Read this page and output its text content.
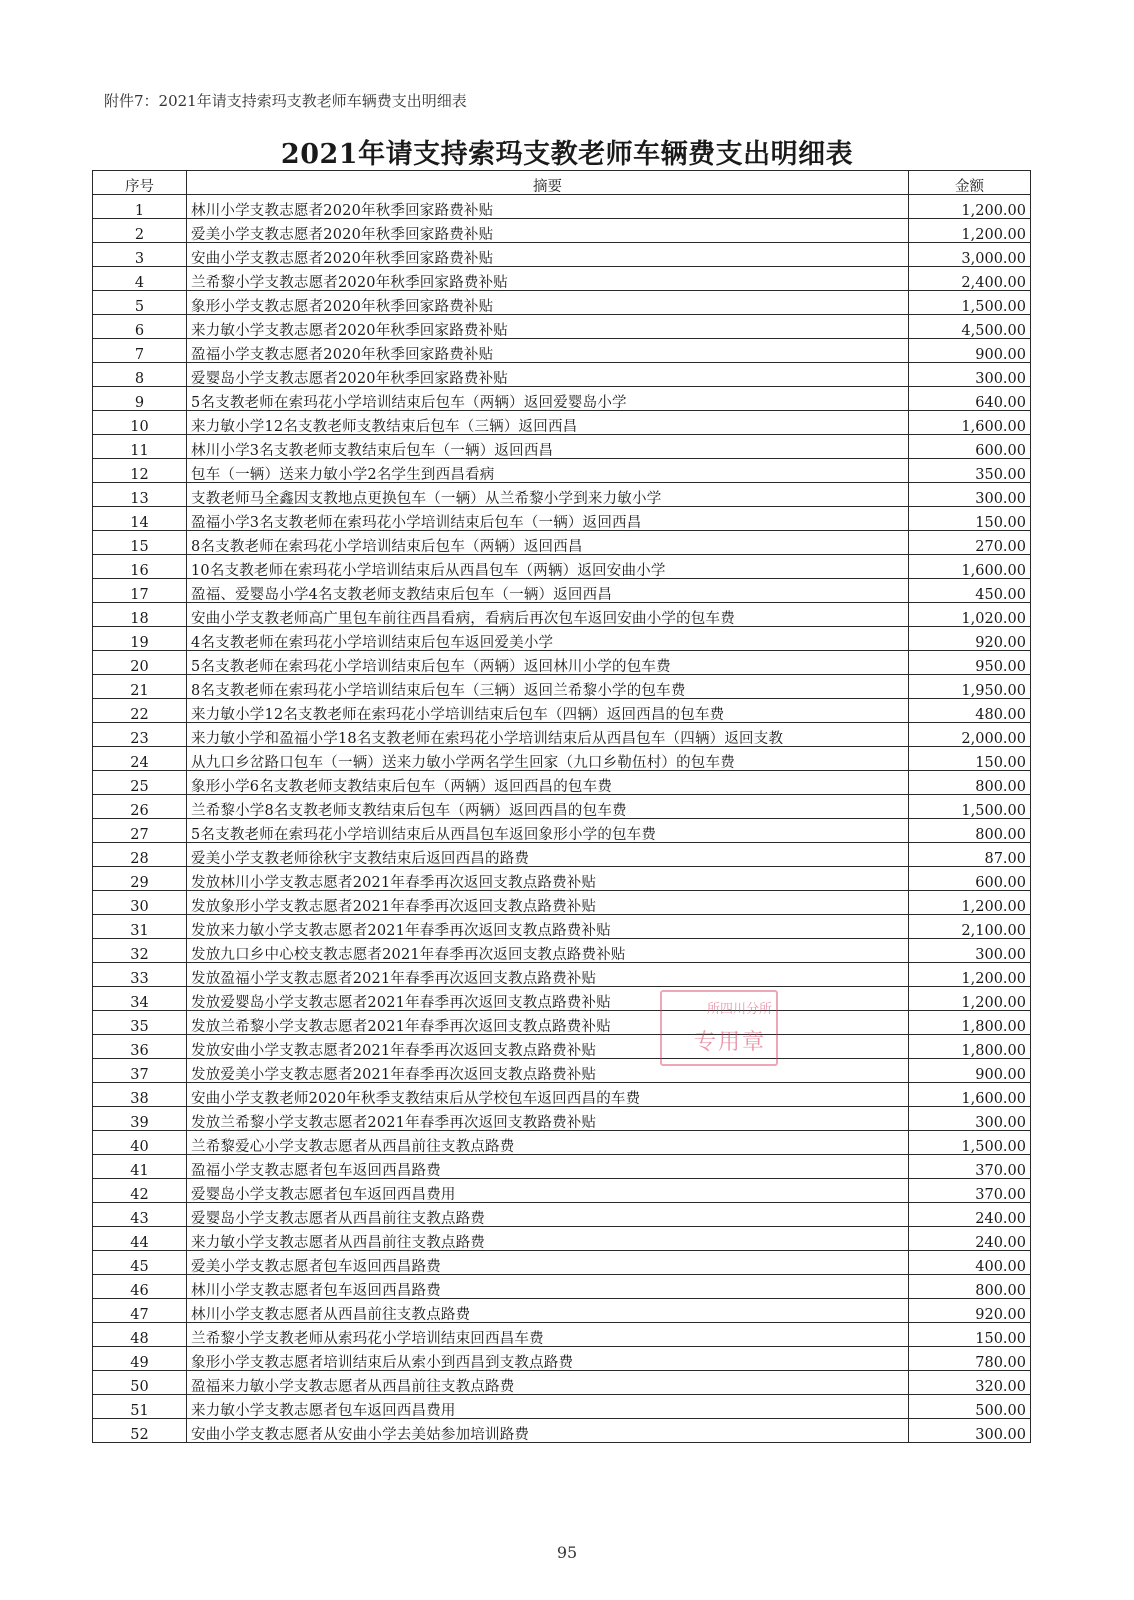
附件7：2021年请支持索玛支教老师车辆费支出明细表
2021年请支持索玛支教老师车辆费支出明细表
序号	摘要	金额
1	林川小学支教志愿者2020年秋季回家路费补贴	1,200.00
2	爱美小学支教志愿者2020年秋季回家路费补贴	1,200.00
3	安曲小学支教志愿者2020年秋季回家路费补贴	3,000.00
4	兰希黎小学支教志愿者2020年秋季回家路费补贴	2,400.00
5	象形小学支教志愿者2020年秋季回家路费补贴	1,500.00
6	来力敏小学支教志愿者2020年秋季回家路费补贴	4,500.00
7	盈福小学支教志愿者2020年秋季回家路费补贴	900.00
8	爱婴岛小学支教志愿者2020年秋季回家路费补贴	300.00
9	5名支教老师在索玛花小学培训结束后包车（两辆）返回爱婴岛小学	640.00
10	来力敏小学12名支教老师支教结束后包车（三辆）返回西昌	1,600.00
11	林川小学3名支教老师支教结束后包车（一辆）返回西昌	600.00
12	包车（一辆）送来力敏小学2名学生到西昌看病	350.00
13	支教老师马全鑫因支教地点更换包车（一辆）从兰希黎小学到来力敏小学	300.00
14	盈福小学3名支教老师在索玛花小学培训结束后包车（一辆）返回西昌	150.00
15	8名支教老师在索玛花小学培训结束后包车（两辆）返回西昌	270.00
16	10名支教老师在索玛花小学培训结束后从西昌包车（两辆）返回安曲小学	1,600.00
17	盈福、爱婴岛小学4名支教老师支教结束后包车（一辆）返回西昌	450.00
18	安曲小学支教老师高广里包车前往西昌看病，看病后再次包车返回安曲小学的包车费	1,020.00
19	4名支教老师在索玛花小学培训结束后包车返回爱美小学	920.00
20	5名支教老师在索玛花小学培训结束后包车（两辆）返回林川小学的包车费	950.00
21	8名支教老师在索玛花小学培训结束后包车（三辆）返回兰希黎小学的包车费	1,950.00
22	来力敏小学12名支教老师在索玛花小学培训结束后包车（四辆）返回西昌的包车费	480.00
23	来力敏小学和盈福小学18名支教老师在索玛花小学培训结束后从西昌包车（四辆）返回支教	2,000.00
24	从九口乡岔路口包车（一辆）送来力敏小学两名学生回家（九口乡勒伍村）的包车费	150.00
25	象形小学6名支教老师支教结束后包车（两辆）返回西昌的包车费	800.00
26	兰希黎小学8名支教老师支教结束后包车（两辆）返回西昌的包车费	1,500.00
27	5名支教老师在索玛花小学培训结束后从西昌包车返回象形小学的包车费	800.00
28	爱美小学支教老师徐秋宇支教结束后返回西昌的路费	87.00
29	发放林川小学支教志愿者2021年春季再次返回支教点路费补贴	600.00
30	发放象形小学支教志愿者2021年春季再次返回支教点路费补贴	1,200.00
31	发放来力敏小学支教志愿者2021年春季再次返回支教点路费补贴	2,100.00
32	发放九口乡中心校支教志愿者2021年春季再次返回支教点路费补贴	300.00
33	发放盈福小学支教志愿者2021年春季再次返回支教点路费补贴	1,200.00
34	发放爱婴岛小学支教志愿者2021年春季再次返回支教点路费补贴	1,200.00
35	发放兰希黎小学支教志愿者2021年春季再次返回支教点路费补贴	1,800.00
36	发放安曲小学支教志愿者2021年春季再次返回支教点路费补贴	1,800.00
37	发放爱美小学支教志愿者2021年春季再次返回支教点路费补贴	900.00
38	安曲小学支教老师2020年秋季支教结束后从学校包车返回西昌的车费	1,600.00
39	发放兰希黎小学支教志愿者2021年春季再次返回支教路费补贴	300.00
40	兰希黎爱心小学支教志愿者从西昌前往支教点路费	1,500.00
41	盈福小学支教志愿者包车返回西昌路费	370.00
42	爱婴岛小学支教志愿者包车返回西昌费用	370.00
43	爱婴岛小学支教志愿者从西昌前往支教点路费	240.00
44	来力敏小学支教志愿者从西昌前往支教点路费	240.00
45	爱美小学支教志愿者包车返回西昌路费	400.00
46	林川小学支教志愿者包车返回西昌路费	800.00
47	林川小学支教志愿者从西昌前往支教点路费	920.00
48	兰希黎小学支教老师从索玛花小学培训结束回西昌车费	150.00
49	象形小学支教志愿者培训结束后从索小到西昌到支教点路费	780.00
50	盈福来力敏小学支教志愿者从西昌前往支教点路费	320.00
51	来力敏小学支教志愿者包车返回西昌费用	500.00
52	安曲小学支教志愿者从安曲小学去美姑参加培训路费	300.00
所四川分所
专用章
95
